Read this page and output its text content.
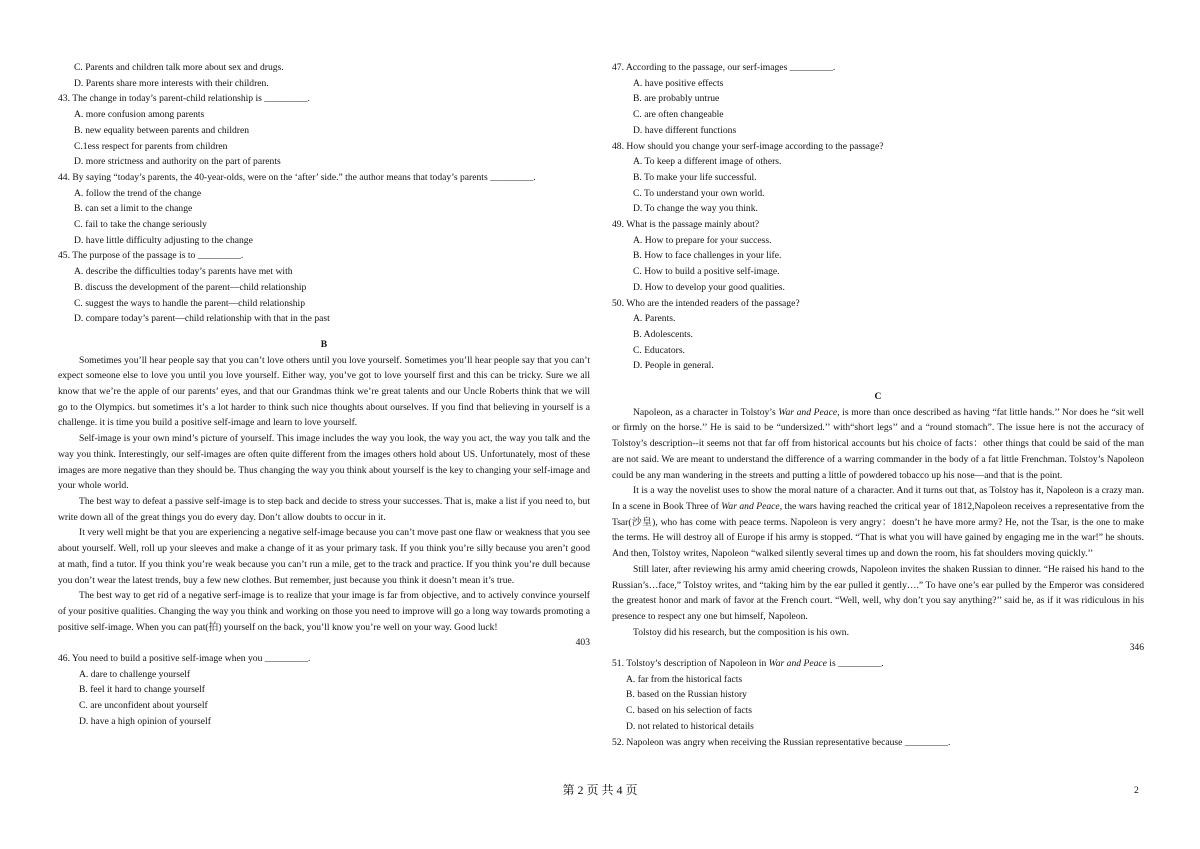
C. Parents and children talk more about sex and drugs.
D. Parents share more interests with their children.
43. The change in today’s parent-child relationship is _________.
A. more confusion among parents
B. new equality between parents and children
C.1ess respect for parents from children
D. more strictness and authority on the part of parents
44. By saying “today’s parents, the 40-year-olds, were on the ‘after’ side.” the author means that today’s parents _________.
A. follow the trend of the change
B. can set a limit to the change
C. fail to take the change seriously
D. have little difficulty adjusting to the change
45. The purpose of the passage is to _________.
A. describe the difficulties today’s parents have met with
B. discuss the development of the parent—child relationship
C. suggest the ways to handle the parent—child relationship
D. compare today’s parent—child relationship with that in the past
B

Sometimes you’ll hear people say that you can’t love others until you love yourself. Sometimes you’ll hear people say that you can’t expect someone else to love you until you love yourself. Either way, you’ve got to love yourself first and this can be tricky. Sure we all know that we’re the apple of our parents’ eyes, and that our Grandmas think we’re great talents and our Uncle Roberts think that we will go to the Olympics. but sometimes it’s a lot harder to think such nice thoughts about ourselves. If you find that believing in yourself is a challenge. it is time you build a positive self-image and learn to love yourself.

Self-image is your own mind’s picture of yourself. This image includes the way you look, the way you act, the way you talk and the way you think. Interestingly, our self-images are often quite different from the images others hold about US. Unfortunately, most of these images are more negative than they should be. Thus changing the way you think about yourself is the key to changing your self-image and your whole world.

The best way to defeat a passive self-image is to step back and decide to stress your successes. That is, make a list if you need to, but write down all of the great things you do every day. Don’t allow doubts to occur in it.

It very well might be that you are experiencing a negative self-image because you can’t move past one flaw or weakness that you see about yourself. Well, roll up your sleeves and make a change of it as your primary task. If you think you’re silly because you aren’t good at math, find a tutor. If you think you’re weak because you can’t run a mile, get to the track and practice. If you think you’re dull because you don’t wear the latest trends, buy a few new clothes. But remember, just because you think it doesn’t mean it’s true.

The best way to get rid of a negative serf-image is to realize that your image is far from objective, and to actively convince yourself of your positive qualities. Changing the way you think and working on those you need to improve will go a long way towards promoting a positive self-image. When you can pat(拍) yourself on the back, you’ll know you’re well on your way. Good luck!

403
46. You need to build a positive self-image when you _________.
A. dare to challenge yourself
B. feel it hard to change yourself
C. are unconfident about yourself
D. have a high opinion of yourself
47. According to the passage, our serf-images _________.
A. have positive effects
B. are probably untrue
C. are often changeable
D. have different functions
48. How should you change your serf-image according to the passage?
A. To keep a different image of others.
B. To make your life successful.
C. To understand your own world.
D. To change the way you think.
49. What is the passage mainly about?
A. How to prepare for your success.
B. How to face challenges in your life.
C. How to build a positive self-image.
D. How to develop your good qualities.
50. Who are the intended readers of the passage?
A. Parents.
B. Adolescents.
C. Educators.
D. People in general.
C

Napoleon, as a character in Tolstoy’s War and Peace, is more than once described as having “fat little hands.’’ Nor does he “sit well or firmly on the horse.’’ He is said to be “undersized.’’ with“short legs’’ and a “round stomach”. The issue here is not the accuracy of Tolstoy’s description--it seems not that far off from historical accounts but his choice of facts：other things that could be said of the man are not said. We are meant to understand the difference of a warring commander in the body of a fat little Frenchman. Tolstoy’s Napoleon could be any man wandering in the streets and putting a little of powdered tobacco up his nose—and that is the point.

It is a way the novelist uses to show the moral nature of a character. And it turns out that, as Tolstoy has it, Napoleon is a crazy man. In a scene in Book Three of War and Peace, the wars having reached the critical year of 1812,Napoleon receives a representative from the Tsar(沙皇), who has come with peace terms. Napoleon is very angry：doesn’t he have more army? He, not the Tsar, is the one to make the terms. He will destroy all of Europe if his army is stopped. “That is what you will have gained by engaging me in the war!” he shouts. And then, Tolstoy writes, Napoleon “walked silently several times up and down the room, his fat shoulders moving quickly.’’

Still later, after reviewing his army amid cheering crowds, Napoleon invites the shaken Russian to dinner. “He raised his hand to the Russian’s…face,” Tolstoy writes, and “taking him by the ear pulled it gently….” To have one’s ear pulled by the Emperor was considered the greatest honor and mark of favor at the French court. “Well, well, why don’t you say anything?’’ said he, as if it was ridiculous in his presence to respect any one but himself, Napoleon.

Tolstoy did his research, but the composition is his own.

346
51. Tolstoy’s description of Napoleon in War and Peace is _________.
A. far from the historical facts
B. based on the Russian history
C. based on his selection of facts
D. not related to historical details
52. Napoleon was angry when receiving the Russian representative because _________.
第 2 页 共 4 页	2
